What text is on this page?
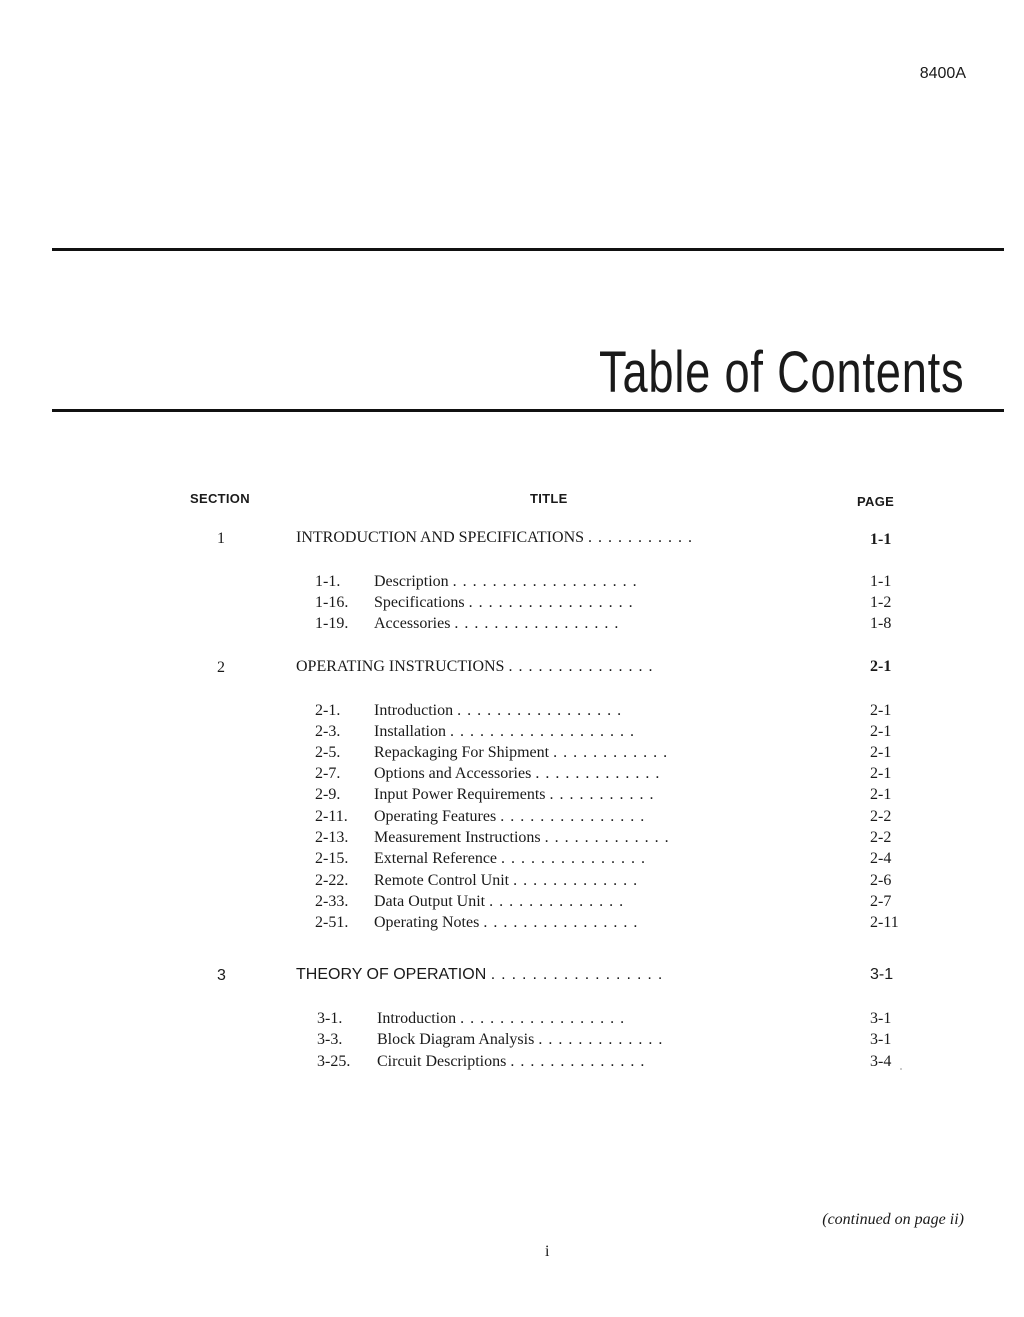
8400A
Table of Contents
SECTION	TITLE	PAGE
1	INTRODUCTION AND SPECIFICATIONS ...........	1-1
1-1. Description ...................	1-1
1-16. Specifications .................	1-2
1-19. Accessories .................	1-8
2	OPERATING INSTRUCTIONS ...............	2-1
2-1. Introduction .................	2-1
2-3. Installation ...................	2-1
2-5. Repackaging For Shipment ............	2-1
2-7. Options and Accessories .............	2-1
2-9. Input Power Requirements ...........	2-1
2-11. Operating Features ...............	2-2
2-13. Measurement Instructions .............	2-2
2-15. External Reference ...............	2-4
2-22. Remote Control Unit .............	2-6
2-33. Data Output Unit ..............	2-7
2-51. Operating Notes ................	2-11
3	THEORY OF OPERATION .................	3-1
3-1. Introduction .................	3-1
3-3. Block Diagram Analysis .............	3-1
3-25. Circuit Descriptions ..............	3-4
(continued on page ii)
i
